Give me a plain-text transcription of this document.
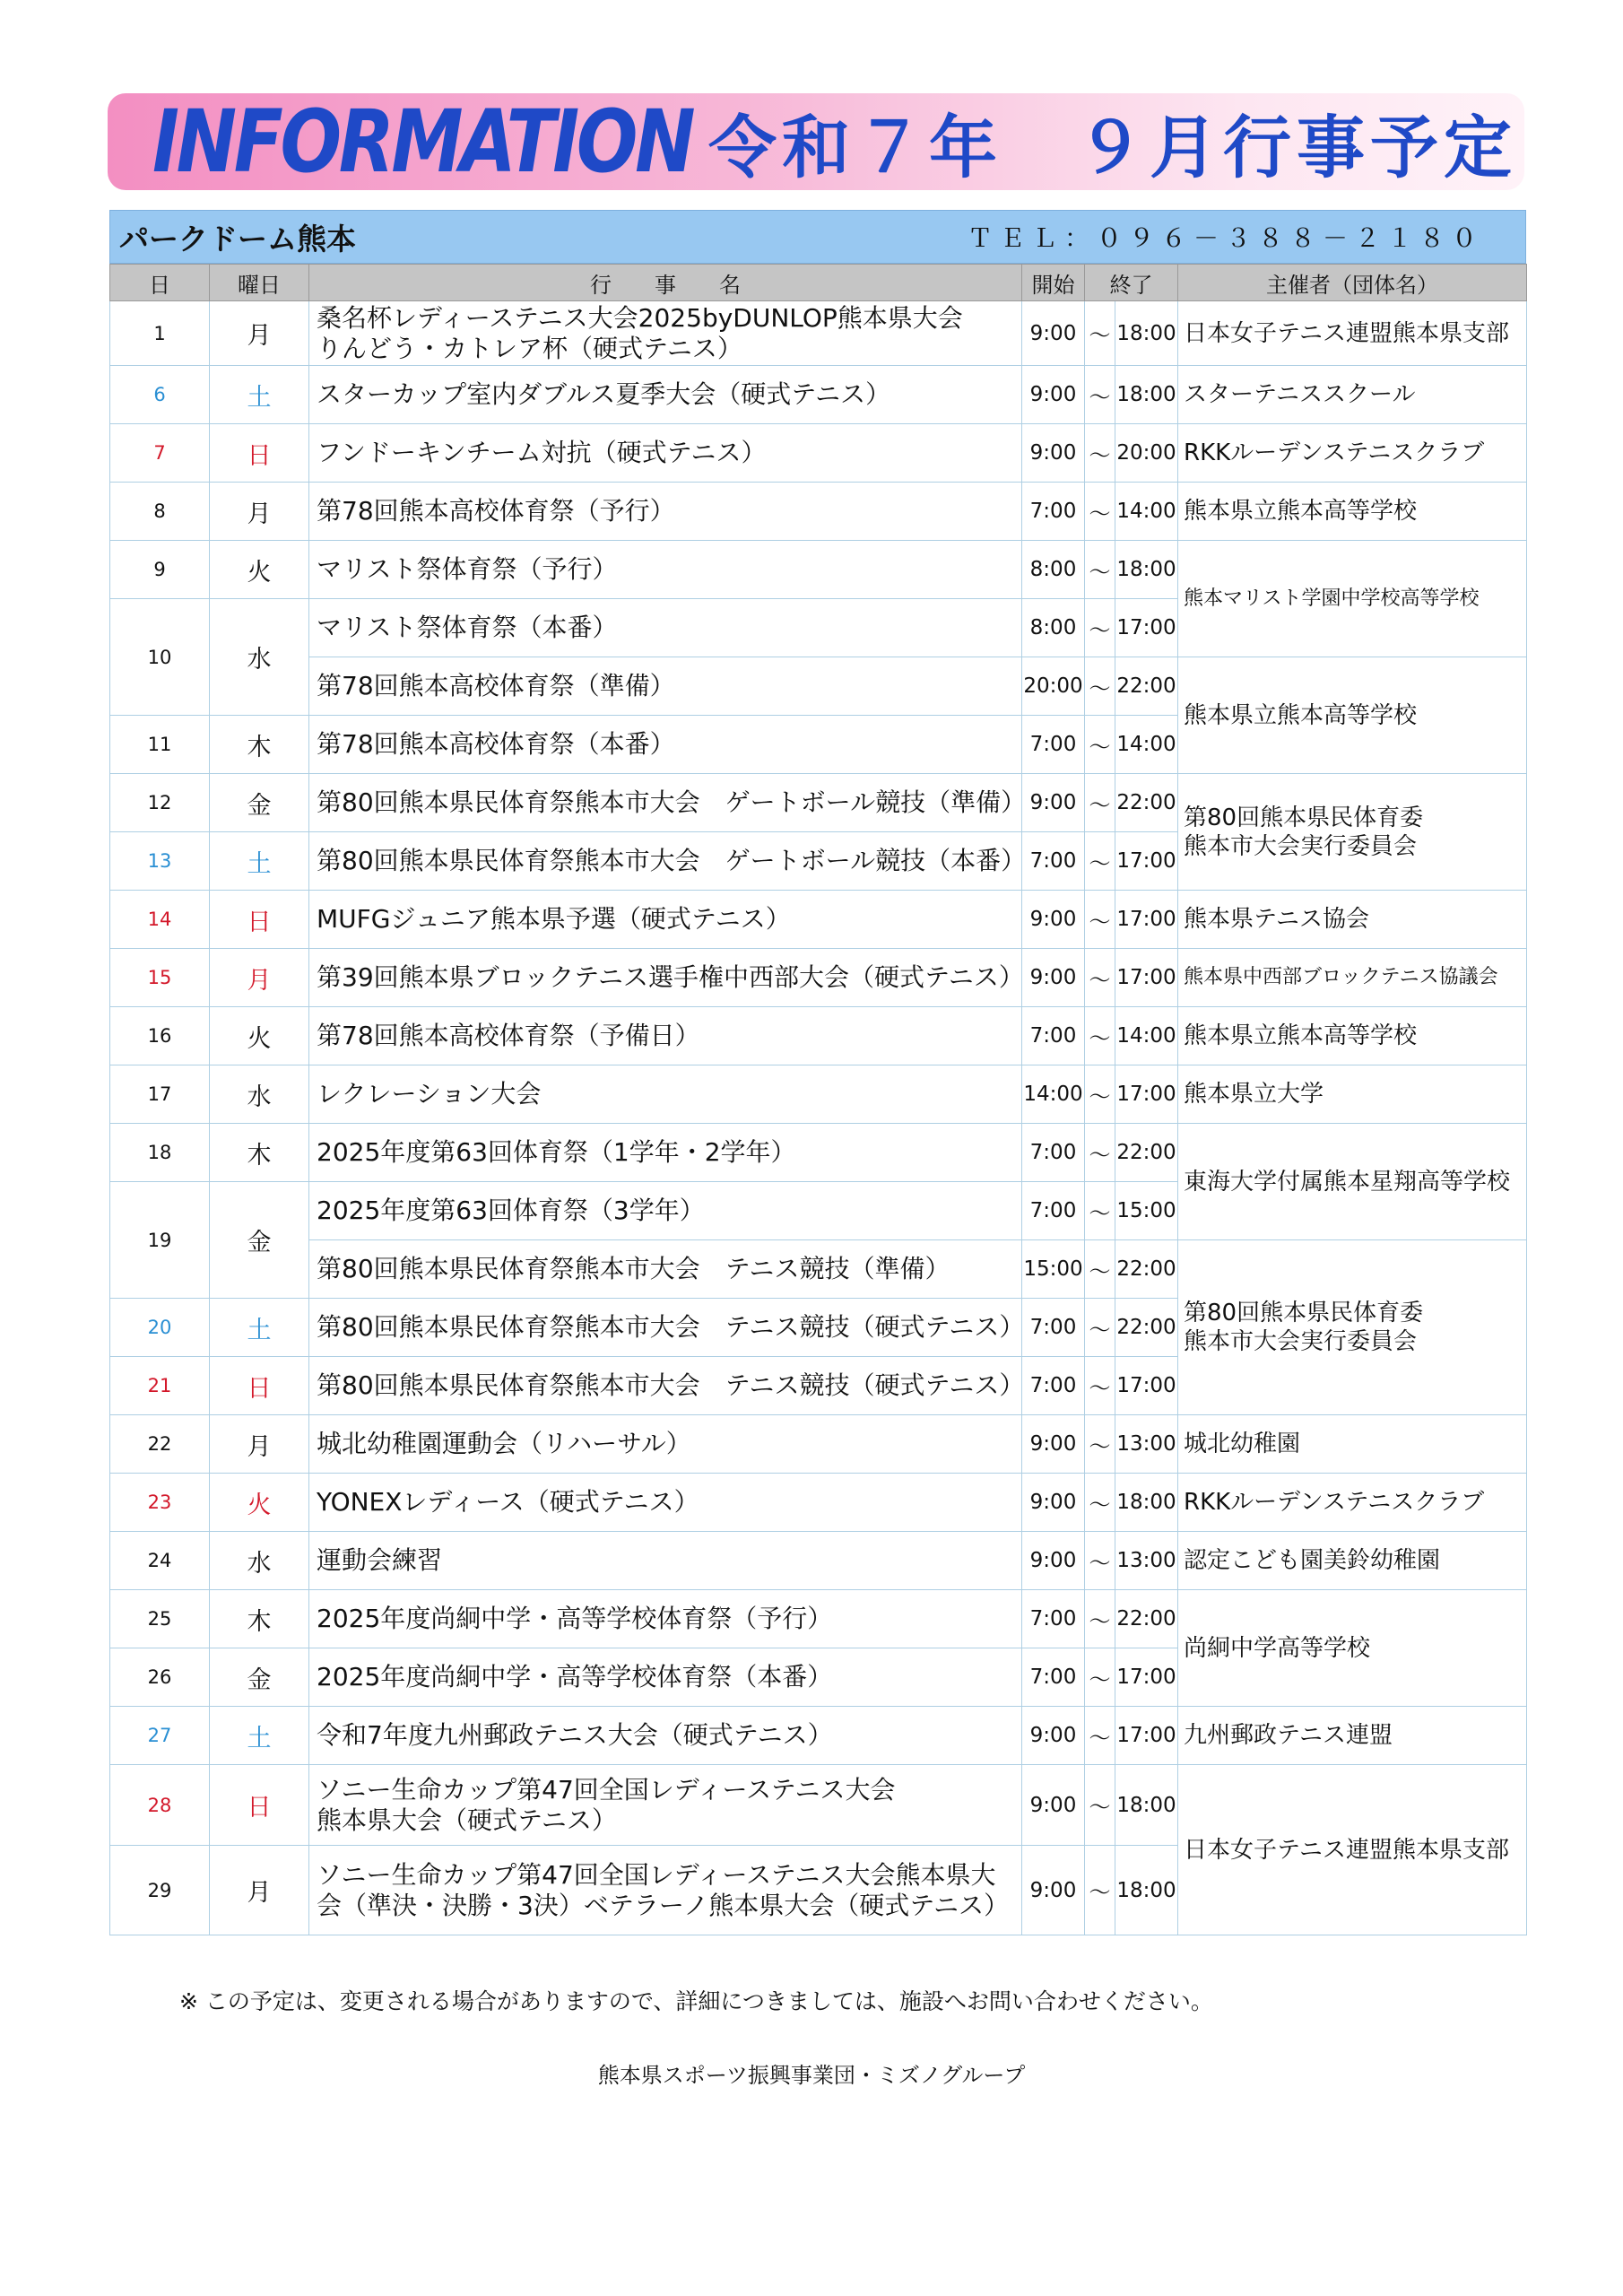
INFORMATION 令和７年　９月行事予定
パークドーム熊本	ＴＥＬ：０９６－３８８－２１８０
日	曜日	行　　事　　名	開始	終了		主催者（団体名）
1	月	桑名杯レディーステニス大会2025byDUNLOP熊本県大会
りんどう・カトレア杯（硬式テニス）	9:00	～	18:00	日本女子テニス連盟熊本県支部
6	土	スターカップ室内ダブルス夏季大会（硬式テニス）	9:00	～	18:00	スターテニススクール
7	日	フンドーキンチーム対抗（硬式テニス）	9:00	～	20:00	RKKルーデンステニスクラブ
8	月	第78回熊本高校体育祭（予行）	7:00	～	14:00	熊本県立熊本高等学校
9	火	マリスト祭体育祭（予行）	8:00	～	18:00	熊本マリスト学園中学校高等学校
10	水	マリスト祭体育祭（本番）	8:00	～	17:00	
		第78回熊本高校体育祭（準備）	20:00	～	22:00	熊本県立熊本高等学校
11	木	第78回熊本高校体育祭（本番）	7:00	～	14:00	
12	金	第80回熊本県民体育祭熊本市大会　ゲートボール競技（準備）	9:00	～	22:00	第80回熊本県民体育委
熊本市大会実行委員会
13	土	第80回熊本県民体育祭熊本市大会　ゲートボール競技（本番）	7:00	～	17:00	
14	日	MUFGジュニア熊本県予選（硬式テニス）	9:00	～	17:00	熊本県テニス協会
15	月	第39回熊本県ブロックテニス選手権中西部大会（硬式テニス）	9:00	～	17:00	熊本県中西部ブロックテニス協議会
16	火	第78回熊本高校体育祭（予備日）	7:00	～	14:00	熊本県立熊本高等学校
17	水	レクレーション大会	14:00	～	17:00	熊本県立大学
18	木	2025年度第63回体育祭（1学年・2学年）	7:00	～	22:00	東海大学付属熊本星翔高等学校
19	金	2025年度第63回体育祭（3学年）	7:00	～	15:00	
		第80回熊本県民体育祭熊本市大会　テニス競技（準備）	15:00	～	22:00	第80回熊本県民体育委
熊本市大会実行委員会
20	土	第80回熊本県民体育祭熊本市大会　テニス競技（硬式テニス）	7:00	～	22:00	
21	日	第80回熊本県民体育祭熊本市大会　テニス競技（硬式テニス）	7:00	～	17:00	
22	月	城北幼稚園運動会（リハーサル）	9:00	～	13:00	城北幼稚園
23	火	YONEXレディース（硬式テニス）	9:00	～	18:00	RKKルーデンステニスクラブ
24	水	運動会練習	9:00	～	13:00	認定こども園美鈴幼稚園
25	木	2025年度尚絅中学・高等学校体育祭（予行）	7:00	～	22:00	尚絅中学高等学校
26	金	2025年度尚絅中学・高等学校体育祭（本番）	7:00	～	17:00	
27	土	令和7年度九州郵政テニス大会（硬式テニス）	9:00	～	17:00	九州郵政テニス連盟
28	日	ソニー生命カップ第47回全国レディーステニス大会
熊本県大会（硬式テニス）	9:00	～	18:00	日本女子テニス連盟熊本県支部
29	月	ソニー生命カップ第47回全国レディーステニス大会熊本県大
会（準決・決勝・3決）ベテラーノ熊本県大会（硬式テニス）	9:00	～	18:00	
※ この予定は、変更される場合がありますので、詳細につきましては、施設へお問い合わせください。
熊本県スポーツ振興事業団・ミズノグループ
